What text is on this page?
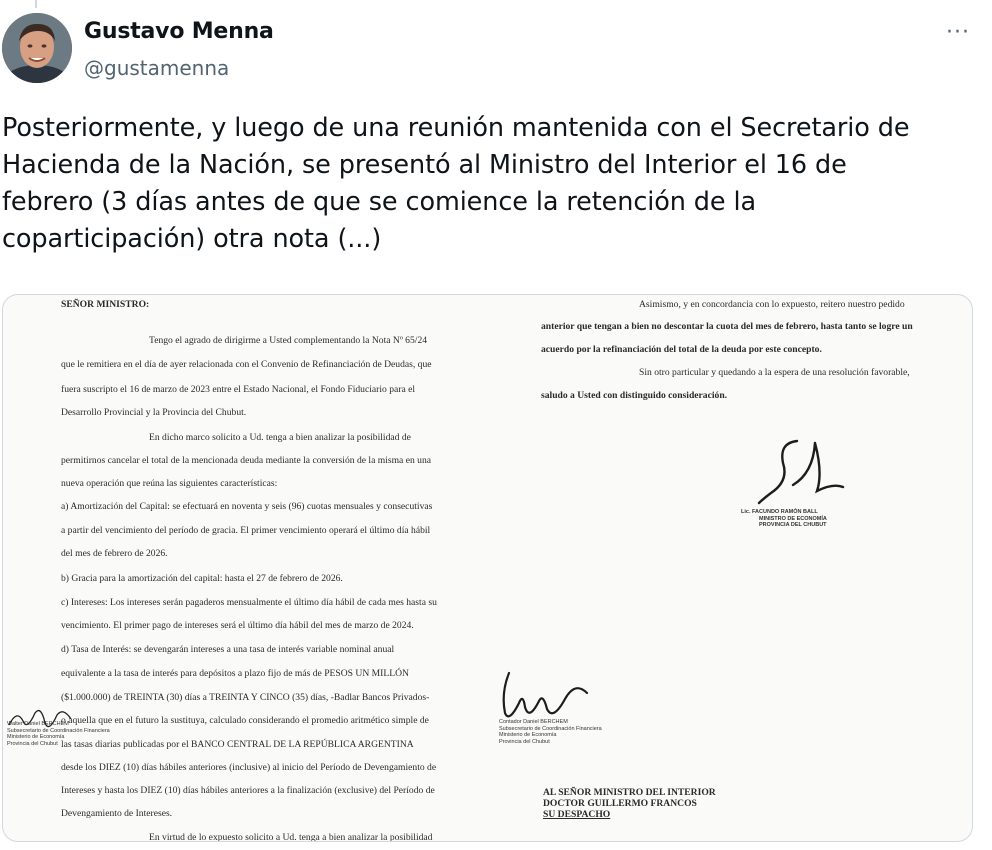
Gustavo Menna
@gustamenna
···
Posteriormente, y luego de una reunión mantenida con el Secretario de
Hacienda de la Nación, se presentó al Ministro del Interior el 16 de
febrero (3 días antes de que se comience la retención de la
coparticipación) otra nota (...)

SEÑOR MINISTRO:

Tengo el agrado de dirigirme a Usted complementando la Nota Nº 65/24

que le remitiera en el día de ayer relacionada con el Convenio de Refinanciación de Deudas, que

fuera suscripto el 16 de marzo de 2023 entre el Estado Nacional, el Fondo Fiduciario para el

Desarrollo Provincial y la Provincia del Chubut.

En dicho marco solicito a Ud. tenga a bien analizar la posibilidad de

permitirnos cancelar el total de la mencionada deuda mediante la conversión de la misma en una

nueva operación que reúna las siguientes características:

a) Amortización del Capital: se efectuará en noventa y seis (96) cuotas mensuales y consecutivas

a partir del vencimiento del período de gracia. El primer vencimiento operará el último día hábil

del mes de febrero de 2026.

b) Gracia para la amortización del capital: hasta el 27 de febrero de 2026.

c) Intereses: Los intereses serán pagaderos mensualmente el último día hábil de cada mes hasta su

vencimiento. El primer pago de intereses será el último día hábil del mes de marzo de 2024.

d) Tasa de Interés: se devengarán intereses a una tasa de interés variable nominal anual

equivalente a la tasa de interés para depósitos a plazo fijo de más de PESOS UN MILLÓN

($1.000.000) de TREINTA (30) días a TREINTA Y CINCO (35) días, -Badlar Bancos Privados-

o aquella que en el futuro la sustituya, calculado considerando el promedio aritmético simple de

las tasas diarias publicadas por el BANCO CENTRAL DE LA REPÚBLICA ARGENTINA

desde los DIEZ (10) días hábiles anteriores (inclusive) al inicio del Período de Devengamiento de

Intereses y hasta los DIEZ (10) días hábiles anteriores a la finalización (exclusive) del Período de

Devengamiento de Intereses.

En virtud de lo expuesto solicito a Ud. tenga a bien analizar la posibilidad

Walter Daniel BERCHEM
Subsecretario de Coordinación Financiera
Ministerio de Economía
Provincia del Chubut

Asimismo, y en concordancia con lo expuesto, reitero nuestro pedido

anterior que tengan a bien no descontar la cuota del mes de febrero, hasta tanto se logre un

acuerdo por la refinanciación del total de la deuda por este concepto.

Sin otro particular y quedando a la espera de una resolución favorable,

saludo a Usted con distinguido consideración.

Lic. FACUNDO RAMÓN BALL
MINISTRO DE ECONOMÍA
PROVINCIA DEL CHUBUT
Contador Daniel BERCHEM
Subsecretario de Coordinación Financiera
Ministerio de Economía
Provincia del Chubut

AL SEÑOR MINISTRO DEL INTERIOR

DOCTOR GUILLERMO FRANCOS

SU DESPACHO
